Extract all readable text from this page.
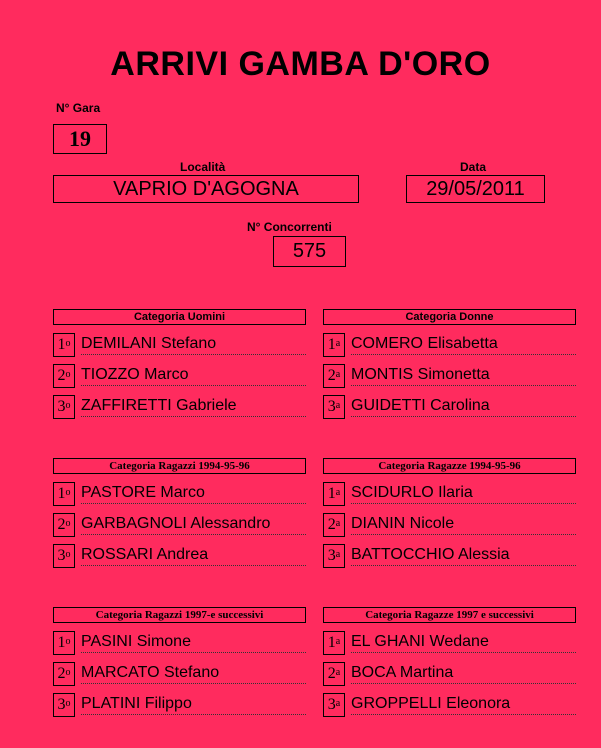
ARRIVI GAMBA D'ORO
N° Gara
19
Località
VAPRIO D'AGOGNA
Data
29/05/2011
N° Concorrenti
575
Categoria Uomini
1$^o$ DEMILANI Stefano
2$^o$ TIOZZO Marco
3$^o$ ZAFFIRETTI Gabriele
Categoria Donne
1$^a$ COMERO Elisabetta
2$^a$ MONTIS Simonetta
3$^a$ GUIDETTI Carolina
Categoria Ragazzi 1994-95-96
1$^o$ PASTORE Marco
2$^o$ GARBAGNOLI Alessandro
3$^o$ ROSSARI Andrea
Categoria Ragazze 1994-95-96
1$^a$ SCIDURLO Ilaria
2$^a$ DIANIN Nicole
3$^a$ BATTOCCHIO Alessia
Categoria Ragazzi 1997-e successivi
1$^o$ PASINI Simone
2$^o$ MARCATO Stefano
3$^o$ PLATINI Filippo
Categoria Ragazze 1997 e successivi
1$^a$ EL GHANI Wedane
2$^a$ BOCA Martina
3$^a$ GROPPELLI Eleonora
